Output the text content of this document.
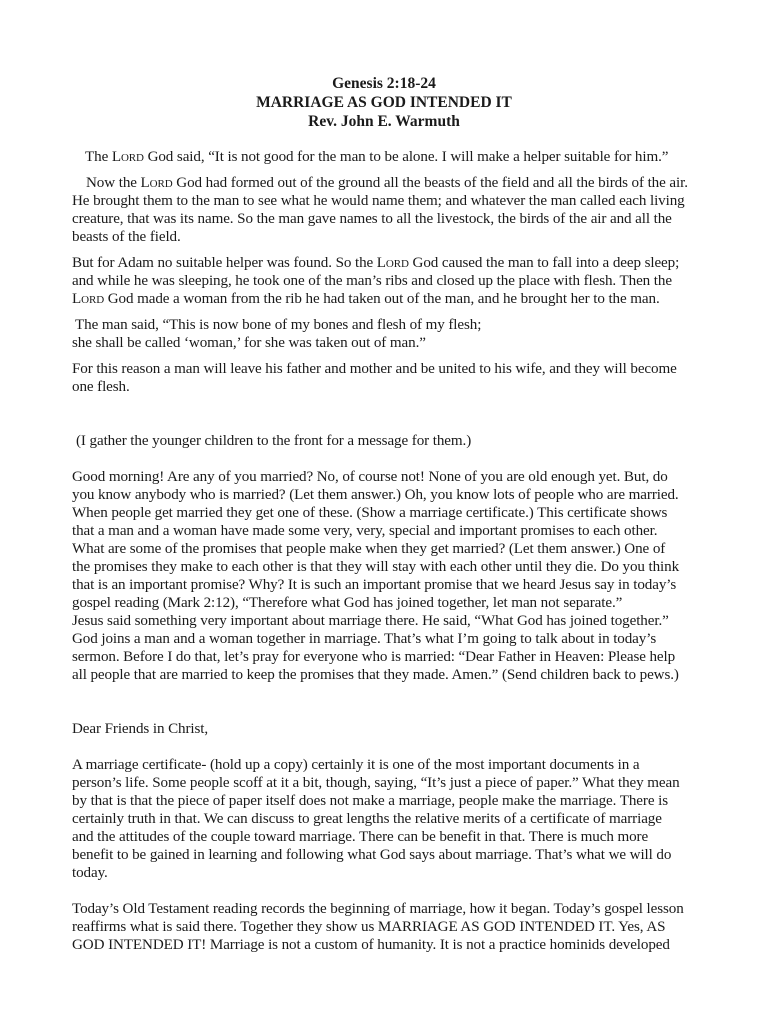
Genesis 2:18-24
MARRIAGE AS GOD INTENDED IT
Rev. John E. Warmuth

The Lord God said, “It is not good for the man to be alone. I will make a helper suitable for him.”

Now the Lord God had formed out of the ground all the beasts of the field and all the birds of the air.
He brought them to the man to see what he would name them; and whatever the man called each living
creature, that was its name. So the man gave names to all the livestock, the birds of the air and all the
beasts of the field.

But for Adam no suitable helper was found. So the Lord God caused the man to fall into a deep sleep;
and while he was sleeping, he took one of the man’s ribs and closed up the place with flesh. Then the
Lord God made a woman from the rib he had taken out of the man, and he brought her to the man.

The man said, “This is now bone of my bones and flesh of my flesh;
she shall be called ‘woman,’ for she was taken out of man.”

For this reason a man will leave his father and mother and be united to his wife, and they will become
one flesh.

(I gather the younger children to the front for a message for them.)

Good morning! Are any of you married? No, of course not! None of you are old enough yet. But, do
you know anybody who is married? (Let them answer.) Oh, you know lots of people who are married.
When people get married they get one of these. (Show a marriage certificate.) This certificate shows
that a man and a woman have made some very, very, special and important promises to each other.
What are some of the promises that people make when they get married? (Let them answer.) One of
the promises they make to each other is that they will stay with each other until they die. Do you think
that is an important promise? Why? It is such an important promise that we heard Jesus say in today’s
gospel reading (Mark 2:12), “Therefore what God has joined together, let man not separate.”
Jesus said something very important about marriage there. He said, “What God has joined together.”
God joins a man and a woman together in marriage. That’s what I’m going to talk about in today’s
sermon. Before I do that, let’s pray for everyone who is married: “Dear Father in Heaven: Please help
all people that are married to keep the promises that they made. Amen.” (Send children back to pews.)

Dear Friends in Christ,

A marriage certificate- (hold up a copy) certainly it is one of the most important documents in a
person’s life. Some people scoff at it a bit, though, saying, “It’s just a piece of paper.” What they mean
by that is that the piece of paper itself does not make a marriage, people make the marriage. There is
certainly truth in that. We can discuss to great lengths the relative merits of a certificate of marriage
and the attitudes of the couple toward marriage. There can be benefit in that. There is much more
benefit to be gained in learning and following what God says about marriage. That’s what we will do
today.

Today’s Old Testament reading records the beginning of marriage, how it began. Today’s gospel lesson
reaffirms what is said there. Together they show us MARRIAGE AS GOD INTENDED IT. Yes, AS
GOD INTENDED IT! Marriage is not a custom of humanity. It is not a practice hominids developed
